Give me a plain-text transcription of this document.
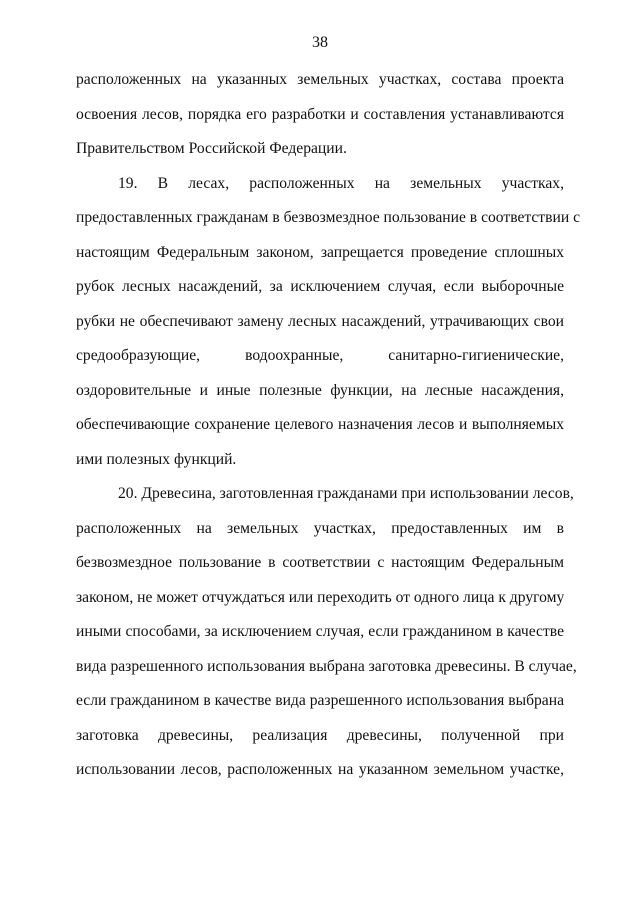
38
расположенных на указанных земельных участках, состава проекта
освоения лесов, порядка его разработки и составления устанавливаются
Правительством Российской Федерации.
19. В лесах, расположенных на земельных участках,
предоставленных гражданам в безвозмездное пользование в соответствии с
настоящим Федеральным законом, запрещается проведение сплошных
рубок лесных насаждений, за исключением случая, если выборочные
рубки не обеспечивают замену лесных насаждений, утрачивающих свои
средообразующие, водоохранные, санитарно-гигиенические,
оздоровительные и иные полезные функции, на лесные насаждения,
обеспечивающие сохранение целевого назначения лесов и выполняемых
ими полезных функций.
20. Древесина, заготовленная гражданами при использовании лесов,
расположенных на земельных участках, предоставленных им в
безвозмездное пользование в соответствии с настоящим Федеральным
законом, не может отчуждаться или переходить от одного лица к другому
иными способами, за исключением случая, если гражданином в качестве
вида разрешенного использования выбрана заготовка древесины. В случае,
если гражданином в качестве вида разрешенного использования выбрана
заготовка древесины, реализация древесины, полученной при
использовании лесов, расположенных на указанном земельном участке,
